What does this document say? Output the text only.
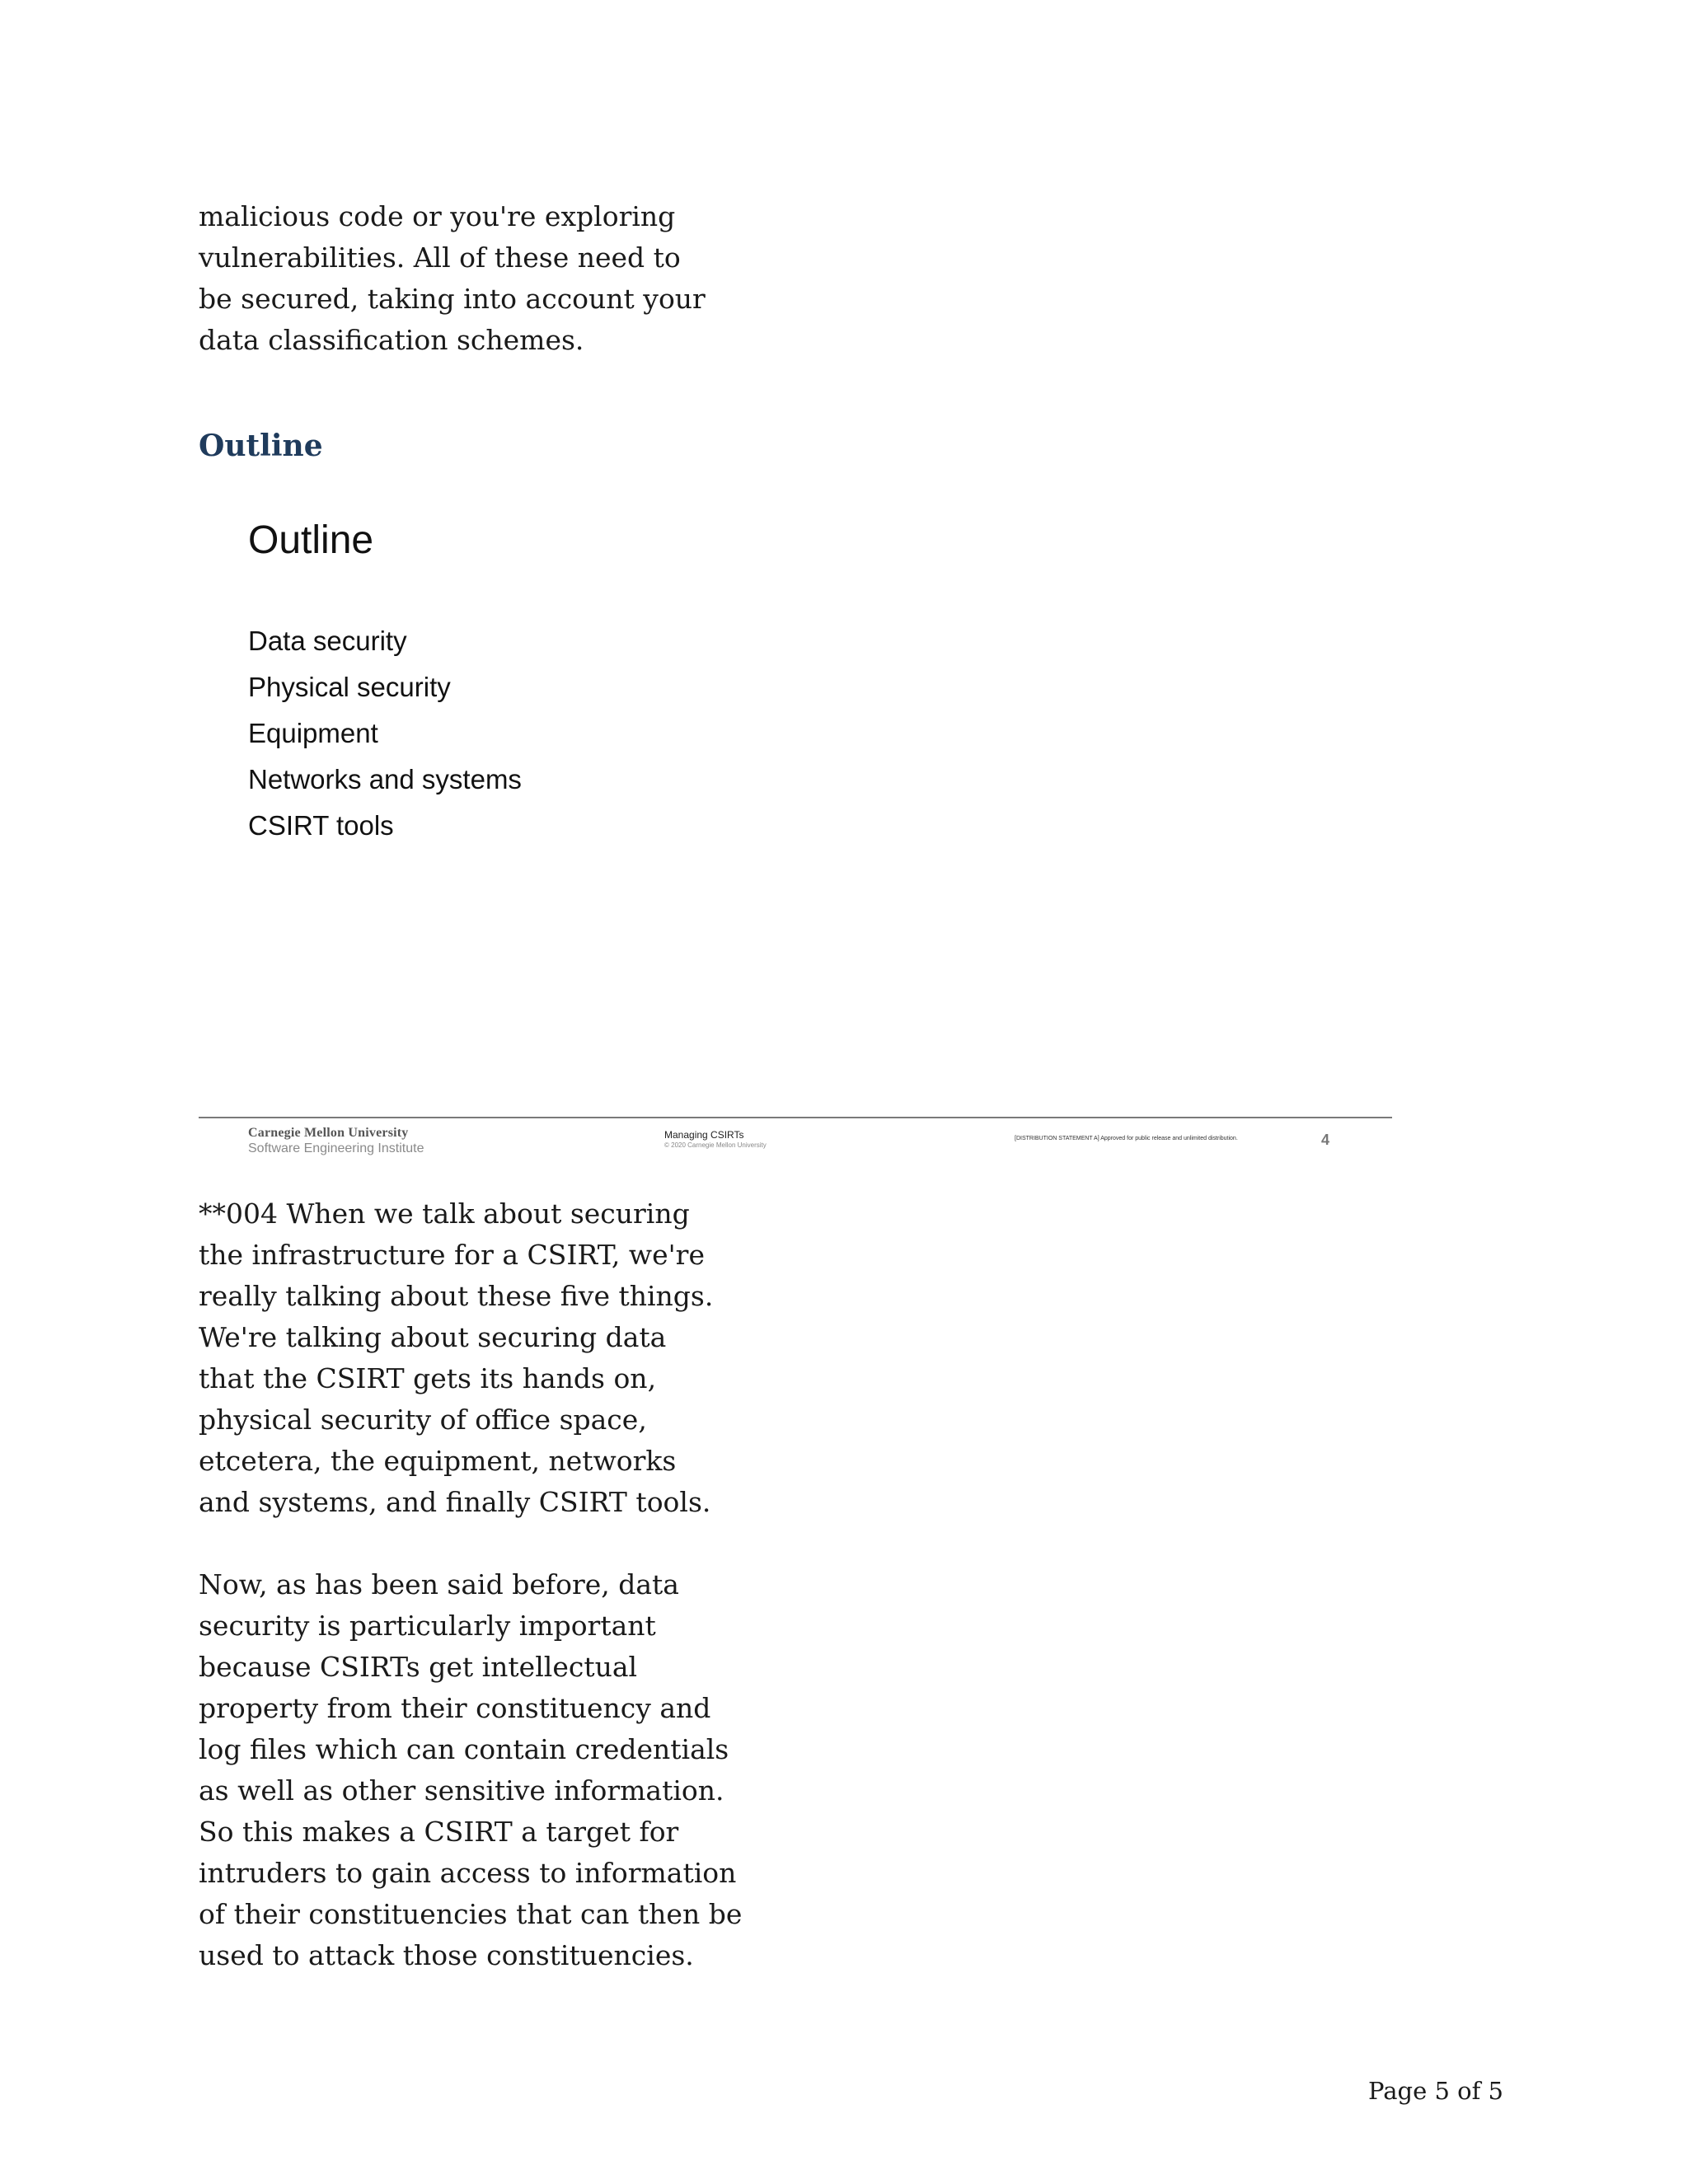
malicious code or you're exploring
vulnerabilities. All of these need to
be secured, taking into account your
data classification schemes.
Outline
Outline
Data security
Physical security
Equipment
Networks and systems
CSIRT tools
Carnegie Mellon University
Software Engineering Institute
Managing CSIRTs
© 2020 Carnegie Mellon University
[DISTRIBUTION STATEMENT A] Approved for public release and unlimited distribution.	4
**004 When we talk about securing
the infrastructure for a CSIRT, we're
really talking about these five things.
We're talking about securing data
that the CSIRT gets its hands on,
physical security of office space,
etcetera, the equipment, networks
and systems, and finally CSIRT tools.
Now, as has been said before, data
security is particularly important
because CSIRTs get intellectual
property from their constituency and
log files which can contain credentials
as well as other sensitive information.
So this makes a CSIRT a target for
intruders to gain access to information
of their constituencies that can then be
used to attack those constituencies.
Page 5 of 5
